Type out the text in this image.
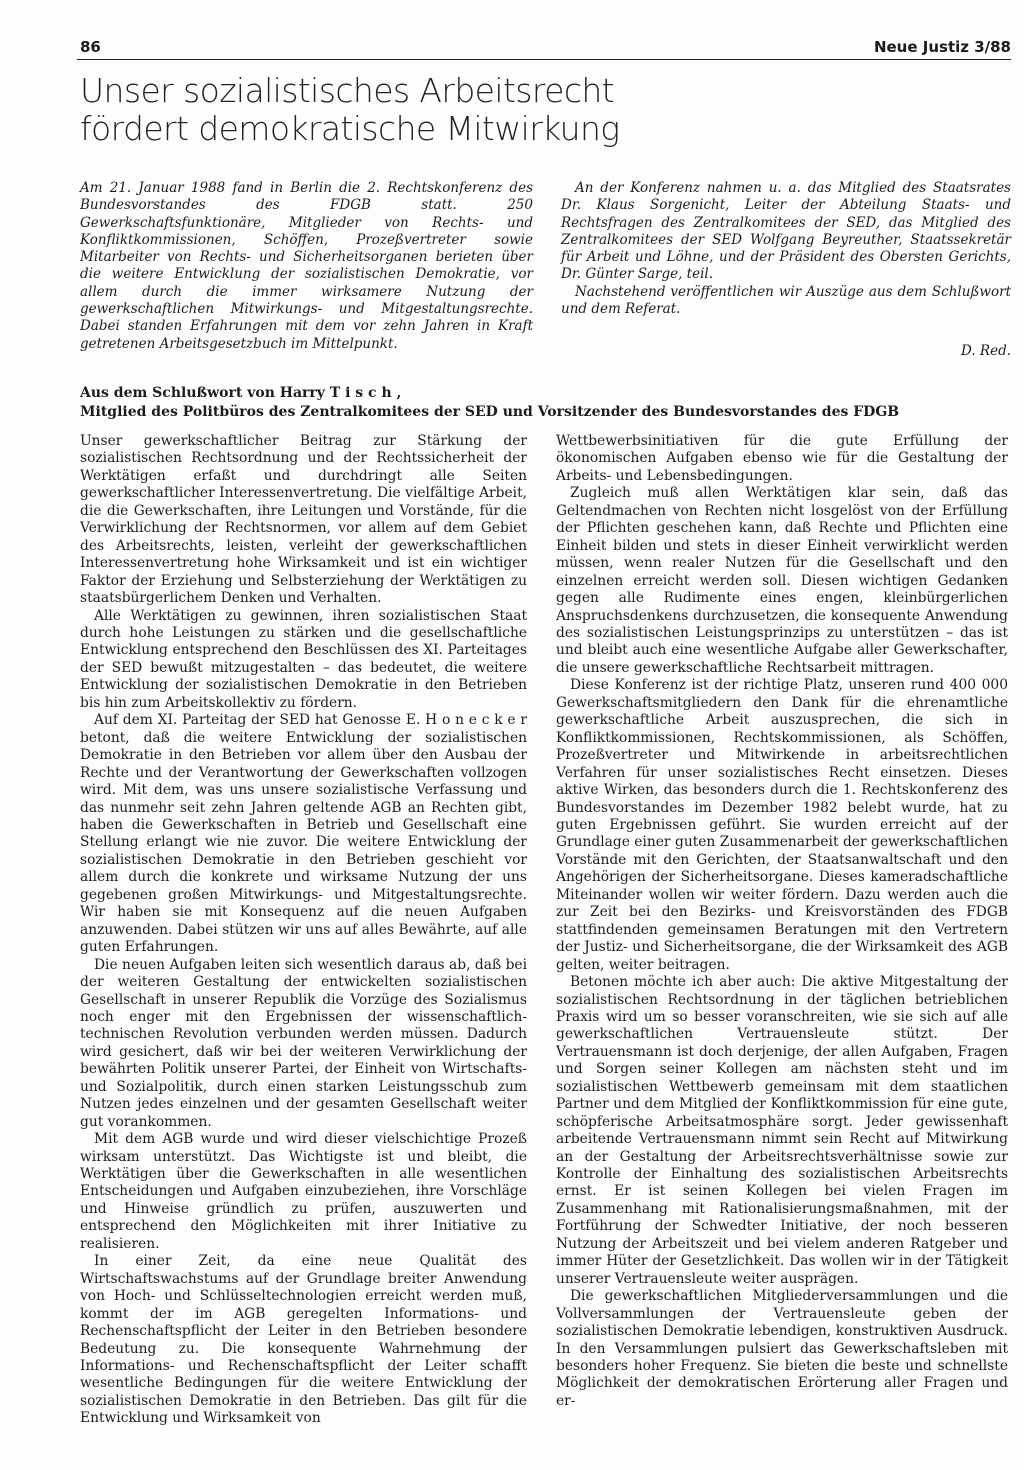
86	Neue Justiz 3/88
Unser sozialistisches Arbeitsrecht
fördert demokratische Mitwirkung

Am 21. Januar 1988 fand in Berlin die 2. Rechtskonferenz des Bundesvorstandes des FDGB statt. 250 Gewerkschaftsfunktionäre, Mitglieder von Rechts- und Konfliktkommissionen, Schöffen, Prozeßvertreter sowie Mitarbeiter von Rechts- und Sicherheitsorganen berieten über die weitere Entwicklung der sozialistischen Demokratie, vor allem durch die immer wirksamere Nutzung der gewerkschaftlichen Mitwirkungs- und Mitgestaltungsrechte. Dabei standen Erfahrungen mit dem vor zehn Jahren in Kraft getretenen Arbeitsgesetzbuch im Mittelpunkt.

An der Konferenz nahmen u. a. das Mitglied des Staatsrates Dr. Klaus Sorgenicht, Leiter der Abteilung Staats- und Rechtsfragen des Zentralkomitees der SED, das Mitglied des Zentralkomitees der SED Wolfgang Beyreuther, Staatssekretär für Arbeit und Löhne, und der Präsident des Obersten Gerichts, Dr. Günter Sarge, teil.

Nachstehend veröffentlichen wir Auszüge aus dem Schlußwort und dem Referat.

D. Red.
Aus dem Schlußwort von Harry T i s c h ,
Mitglied des Politbüros des Zentralkomitees der SED und Vorsitzender des Bundesvorstandes des FDGB

Unser gewerkschaftlicher Beitrag zur Stärkung der sozialistischen Rechtsordnung und der Rechtssicherheit der Werktätigen erfaßt und durchdringt alle Seiten gewerkschaftlicher Interessenvertretung. Die vielfältige Arbeit, die die Gewerkschaften, ihre Leitungen und Vorstände, für die Verwirklichung der Rechtsnormen, vor allem auf dem Gebiet des Arbeitsrechts, leisten, verleiht der gewerkschaftlichen Interessenvertretung hohe Wirksamkeit und ist ein wichtiger Faktor der Erziehung und Selbsterziehung der Werktätigen zu staatsbürgerlichem Denken und Verhalten.

Alle Werktätigen zu gewinnen, ihren sozialistischen Staat durch hohe Leistungen zu stärken und die gesellschaftliche Entwicklung entsprechend den Beschlüssen des XI. Parteitages der SED bewußt mitzugestalten – das bedeutet, die weitere Entwicklung der sozialistischen Demokratie in den Betrieben bis hin zum Arbeitskollektiv zu fördern.

Auf dem XI. Parteitag der SED hat Genosse E. H o n e c k e r betont, daß die weitere Entwicklung der sozialistischen Demokratie in den Betrieben vor allem über den Ausbau der Rechte und der Verantwortung der Gewerkschaften vollzogen wird. Mit dem, was uns unsere sozialistische Verfassung und das nunmehr seit zehn Jahren geltende AGB an Rechten gibt, haben die Gewerkschaften in Betrieb und Gesellschaft eine Stellung erlangt wie nie zuvor. Die weitere Entwicklung der sozialistischen Demokratie in den Betrieben geschieht vor allem durch die konkrete und wirksame Nutzung der uns gegebenen großen Mitwirkungs- und Mitgestaltungsrechte. Wir haben sie mit Konsequenz auf die neuen Aufgaben anzuwenden. Dabei stützen wir uns auf alles Bewährte, auf alle guten Erfahrungen.

Die neuen Aufgaben leiten sich wesentlich daraus ab, daß bei der weiteren Gestaltung der entwickelten sozialistischen Gesellschaft in unserer Republik die Vorzüge des Sozialismus noch enger mit den Ergebnissen der wissenschaftlich-technischen Revolution verbunden werden müssen. Dadurch wird gesichert, daß wir bei der weiteren Verwirklichung der bewährten Politik unserer Partei, der Einheit von Wirtschafts- und Sozialpolitik, durch einen starken Leistungsschub zum Nutzen jedes einzelnen und der gesamten Gesellschaft weiter gut vorankommen.

Mit dem AGB wurde und wird dieser vielschichtige Prozeß wirksam unterstützt. Das Wichtigste ist und bleibt, die Werktätigen über die Gewerkschaften in alle wesentlichen Entscheidungen und Aufgaben einzubeziehen, ihre Vorschläge und Hinweise gründlich zu prüfen, auszuwerten und entsprechend den Möglichkeiten mit ihrer Initiative zu realisieren.

In einer Zeit, da eine neue Qualität des Wirtschaftswachstums auf der Grundlage breiter Anwendung von Hoch- und Schlüsseltechnologien erreicht werden muß, kommt der im AGB geregelten Informations- und Rechenschaftspflicht der Leiter in den Betrieben besondere Bedeutung zu. Die konsequente Wahrnehmung der Informations- und Rechenschaftspflicht der Leiter schafft wesentliche Bedingungen für die weitere Entwicklung der sozialistischen Demokratie in den Betrieben. Das gilt für die Entwicklung und Wirksamkeit von

Wettbewerbsinitiativen für die gute Erfüllung der ökonomischen Aufgaben ebenso wie für die Gestaltung der Arbeits- und Lebensbedingungen.

Zugleich muß allen Werktätigen klar sein, daß das Geltendmachen von Rechten nicht losgelöst von der Erfüllung der Pflichten geschehen kann, daß Rechte und Pflichten eine Einheit bilden und stets in dieser Einheit verwirklicht werden müssen, wenn realer Nutzen für die Gesellschaft und den einzelnen erreicht werden soll. Diesen wichtigen Gedanken gegen alle Rudimente eines engen, kleinbürgerlichen Anspruchsdenkens durchzusetzen, die konsequente Anwendung des sozialistischen Leistungsprinzips zu unterstützen – das ist und bleibt auch eine wesentliche Aufgabe aller Gewerkschafter, die unsere gewerkschaftliche Rechtsarbeit mittragen.

Diese Konferenz ist der richtige Platz, unseren rund 400 000 Gewerkschaftsmitgliedern den Dank für die ehrenamtliche gewerkschaftliche Arbeit auszusprechen, die sich in Konfliktkommissionen, Rechtskommissionen, als Schöffen, Prozeßvertreter und Mitwirkende in arbeitsrechtlichen Verfahren für unser sozialistisches Recht einsetzen. Dieses aktive Wirken, das besonders durch die 1. Rechtskonferenz des Bundesvorstandes im Dezember 1982 belebt wurde, hat zu guten Ergebnissen geführt. Sie wurden erreicht auf der Grundlage einer guten Zusammenarbeit der gewerkschaftlichen Vorstände mit den Gerichten, der Staatsanwaltschaft und den Angehörigen der Sicherheitsorgane. Dieses kameradschaftliche Miteinander wollen wir weiter fördern. Dazu werden auch die zur Zeit bei den Bezirks- und Kreisvorständen des FDGB stattfindenden gemeinsamen Beratungen mit den Vertretern der Justiz- und Sicherheitsorgane, die der Wirksamkeit des AGB gelten, weiter beitragen.

Betonen möchte ich aber auch: Die aktive Mitgestaltung der sozialistischen Rechtsordnung in der täglichen betrieblichen Praxis wird um so besser voranschreiten, wie sie sich auf alle gewerkschaftlichen Vertrauensleute stützt. Der Vertrauensmann ist doch derjenige, der allen Aufgaben, Fragen und Sorgen seiner Kollegen am nächsten steht und im sozialistischen Wettbewerb gemeinsam mit dem staatlichen Partner und dem Mitglied der Konfliktkommission für eine gute, schöpferische Arbeitsatmosphäre sorgt. Jeder gewissenhaft arbeitende Vertrauensmann nimmt sein Recht auf Mitwirkung an der Gestaltung der Arbeitsrechtsverhältnisse sowie zur Kontrolle der Einhaltung des sozialistischen Arbeitsrechts ernst. Er ist seinen Kollegen bei vielen Fragen im Zusammenhang mit Rationalisierungsmaßnahmen, mit der Fortführung der Schwedter Initiative, der noch besseren Nutzung der Arbeitszeit und bei vielem anderen Ratgeber und immer Hüter der Gesetzlichkeit. Das wollen wir in der Tätigkeit unserer Vertrauensleute weiter ausprägen.

Die gewerkschaftlichen Mitgliederversammlungen und die Vollversammlungen der Vertrauensleute geben der sozialistischen Demokratie lebendigen, konstruktiven Ausdruck. In den Versammlungen pulsiert das Gewerkschaftsleben mit besonders hoher Frequenz. Sie bieten die beste und schnellste Möglichkeit der demokratischen Erörterung aller Fragen und er-
